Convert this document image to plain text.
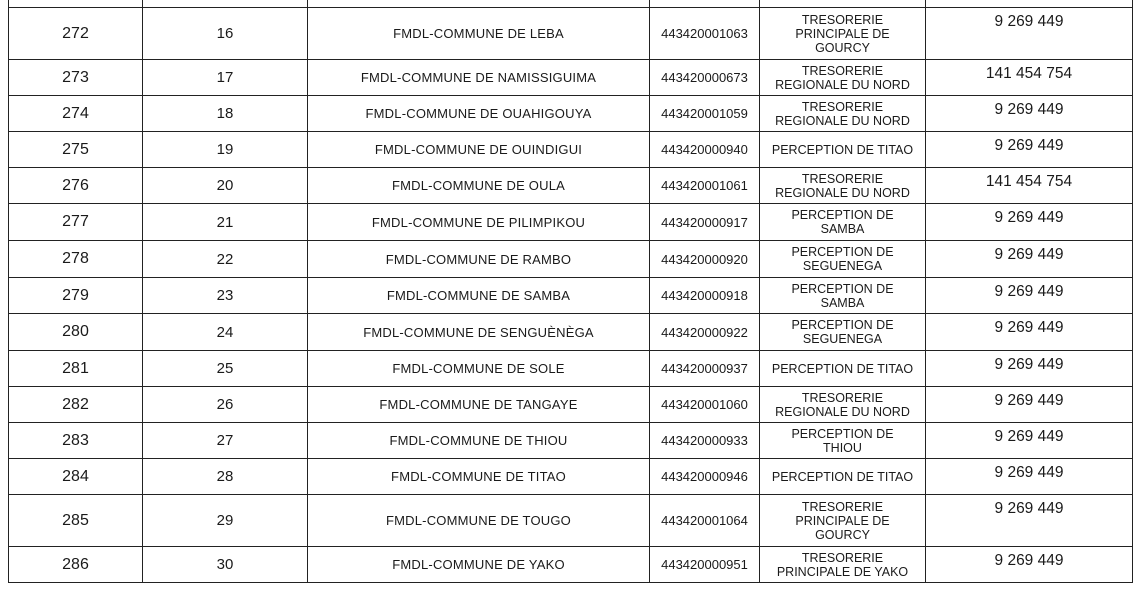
272	16	FMDL-COMMUNE DE LEBA	443420001063	TRESORERIE
PRINCIPALE DE
GOURCY	9 269 449
273	17	FMDL-COMMUNE DE NAMISSIGUIMA	443420000673	TRESORERIE
REGIONALE DU NORD	141 454 754
274	18	FMDL-COMMUNE DE OUAHIGOUYA	443420001059	TRESORERIE
REGIONALE DU NORD	9 269 449
275	19	FMDL-COMMUNE DE OUINDIGUI	443420000940	PERCEPTION DE TITAO	9 269 449
276	20	FMDL-COMMUNE DE OULA	443420001061	TRESORERIE
REGIONALE DU NORD	141 454 754
277	21	FMDL-COMMUNE DE PILIMPIKOU	443420000917	PERCEPTION DE
SAMBA	9 269 449
278	22	FMDL-COMMUNE DE RAMBO	443420000920	PERCEPTION DE
SEGUENEGA	9 269 449
279	23	FMDL-COMMUNE DE SAMBA	443420000918	PERCEPTION DE
SAMBA	9 269 449
280	24	FMDL-COMMUNE DE SENGUÈNÈGA	443420000922	PERCEPTION DE
SEGUENEGA	9 269 449
281	25	FMDL-COMMUNE DE SOLE	443420000937	PERCEPTION DE TITAO	9 269 449
282	26	FMDL-COMMUNE DE TANGAYE	443420001060	TRESORERIE
REGIONALE DU NORD	9 269 449
283	27	FMDL-COMMUNE DE THIOU	443420000933	PERCEPTION DE
THIOU	9 269 449
284	28	FMDL-COMMUNE DE TITAO	443420000946	PERCEPTION DE TITAO	9 269 449
285	29	FMDL-COMMUNE DE TOUGO	443420001064	TRESORERIE
PRINCIPALE DE
GOURCY	9 269 449
286	30	FMDL-COMMUNE DE YAKO	443420000951	TRESORERIE
PRINCIPALE DE YAKO	9 269 449
